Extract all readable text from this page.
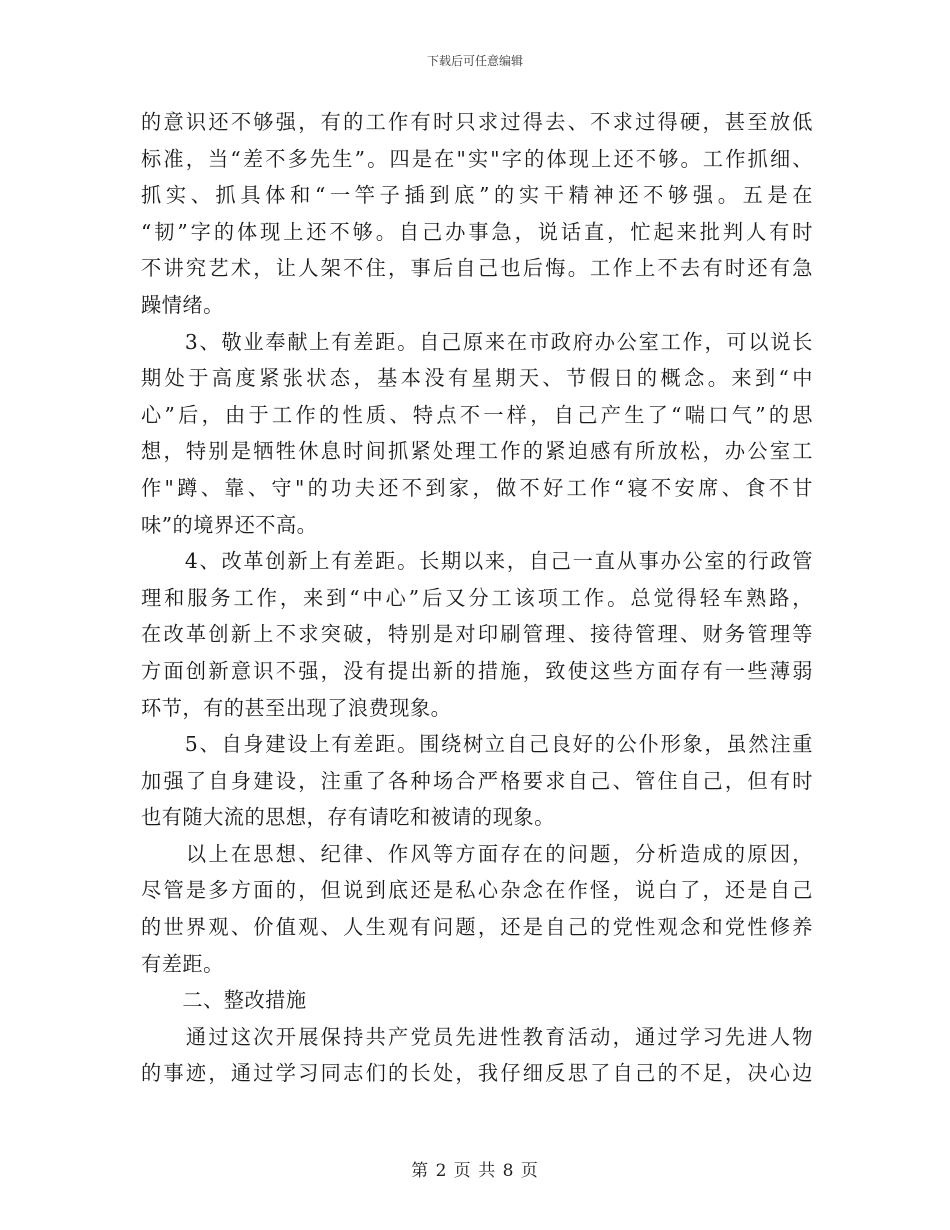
下载后可任意编辑
的意识还不够强，有的工作有时只求过得去、不求过得硬，甚至放低
标准，当“差不多先生”。四是在"实"字的体现上还不够。工作抓细、
抓实、抓具体和“一竿子插到底”的实干精神还不够强。五是在
“韧”字的体现上还不够。自己办事急，说话直，忙起来批判人有时
不讲究艺术，让人架不住，事后自己也后悔。工作上不去有时还有急
躁情绪。
　　3、敬业奉献上有差距。自己原来在市政府办公室工作，可以说长
期处于高度紧张状态，基本没有星期天、节假日的概念。来到“中
心”后，由于工作的性质、特点不一样，自己产生了“喘口气”的思
想，特别是牺牲休息时间抓紧处理工作的紧迫感有所放松，办公室工
作"蹲、靠、守"的功夫还不到家，做不好工作“寝不安席、食不甘
味”的境界还不高。
　　4、改革创新上有差距。长期以来，自己一直从事办公室的行政管
理和服务工作，来到“中心”后又分工该项工作。总觉得轻车熟路，
在改革创新上不求突破，特别是对印刷管理、接待管理、财务管理等
方面创新意识不强，没有提出新的措施，致使这些方面存有一些薄弱
环节，有的甚至出现了浪费现象。
　　5、自身建设上有差距。围绕树立自己良好的公仆形象，虽然注重
加强了自身建设，注重了各种场合严格要求自己、管住自己，但有时
也有随大流的思想，存有请吃和被请的现象。
　　以上在思想、纪律、作风等方面存在的问题，分析造成的原因，
尽管是多方面的，但说到底还是私心杂念在作怪，说白了，还是自己
的世界观、价值观、人生观有问题，还是自己的党性观念和党性修养
有差距。
　　二、整改措施
　　通过这次开展保持共产党员先进性教育活动，通过学习先进人物
的事迹，通过学习同志们的长处，我仔细反思了自己的不足，决心边
第 2 页 共 8 页
